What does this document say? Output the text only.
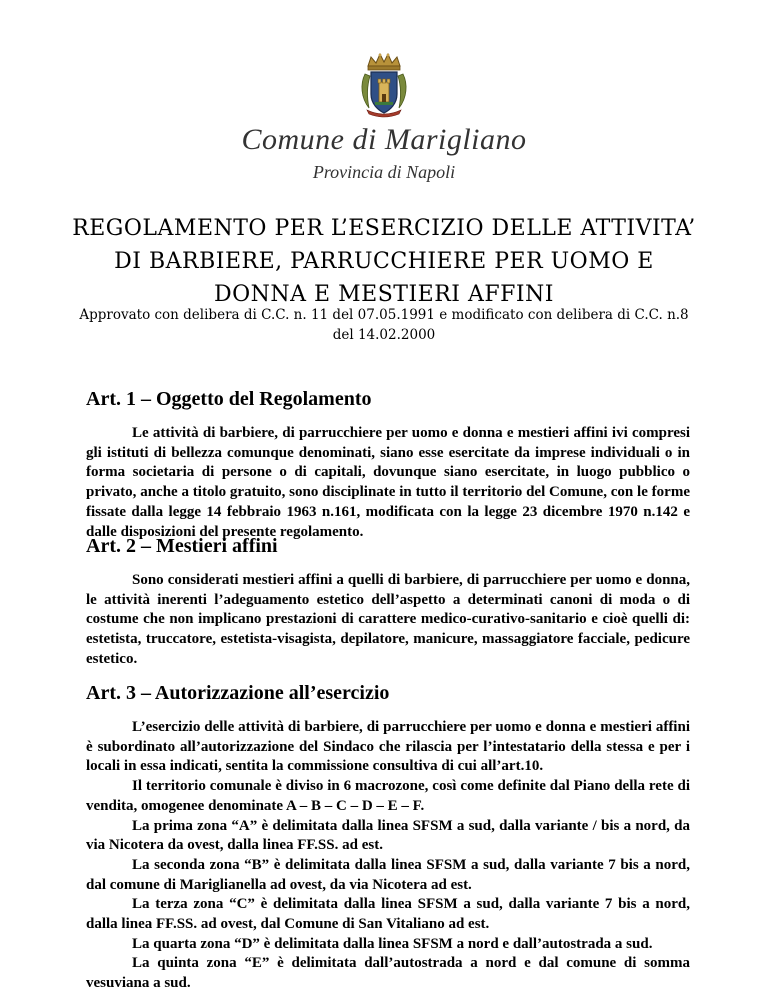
Comune di Marigliano
Provincia di Napoli
REGOLAMENTO PER L’ESERCIZIO DELLE ATTIVITA’ DI BARBIERE, PARRUCCHIERE PER UOMO E DONNA E MESTIERI AFFINI
Approvato con delibera di C.C. n. 11 del 07.05.1991 e modificato con delibera di C.C. n.8 del 14.02.2000
Art. 1 – Oggetto del Regolamento

Le attività di barbiere, di parrucchiere per uomo e donna e mestieri affini ivi compresi gli istituti di bellezza comunque denominati, siano esse esercitate da imprese individuali o in forma societaria di persone o di capitali, dovunque siano esercitate, in luogo pubblico o privato, anche a titolo gratuito, sono disciplinate in tutto il territorio del Comune, con le forme fissate dalla legge 14 febbraio 1963 n.161, modificata con la legge 23 dicembre 1970 n.142 e dalle disposizioni del presente regolamento.

Art. 2 – Mestieri affini

Sono considerati mestieri affini a quelli di barbiere, di parrucchiere per uomo e donna, le attività inerenti l’adeguamento estetico dell’aspetto a determinati canoni di moda o di costume che non implicano prestazioni di carattere medico-curativo-sanitario e cioè quelli di: estetista, truccatore, estetista-visagista, depilatore, manicure, massaggiatore facciale, pedicure estetico.

Art. 3 – Autorizzazione all’esercizio

L’esercizio delle attività di barbiere, di parrucchiere per uomo e donna e mestieri affini è subordinato all’autorizzazione del Sindaco che rilascia per l’intestatario della stessa e per i locali in essa indicati, sentita la commissione consultiva di cui all’art.10.

Il territorio comunale è diviso in 6 macrozone, così come definite dal Piano della rete di vendita, omogenee denominate A – B – C – D – E – F.

La prima zona “A” è delimitata dalla linea SFSM a sud, dalla variante / bis a nord, da via Nicotera da ovest, dalla linea FF.SS. ad est.

La seconda zona “B” è delimitata dalla linea SFSM a sud, dalla variante 7 bis a nord, dal comune di Mariglianella ad ovest, da via Nicotera ad est.

La terza zona “C” è delimitata dalla linea SFSM a sud, dalla variante 7 bis a nord, dalla linea FF.SS. ad ovest, dal Comune di San Vitaliano ad est.

La quarta zona “D” è delimitata dalla linea SFSM a nord e dall’autostrada a sud.

La quinta zona “E” è delimitata dall’autostrada a nord e dal comune di somma vesuviana a sud.
